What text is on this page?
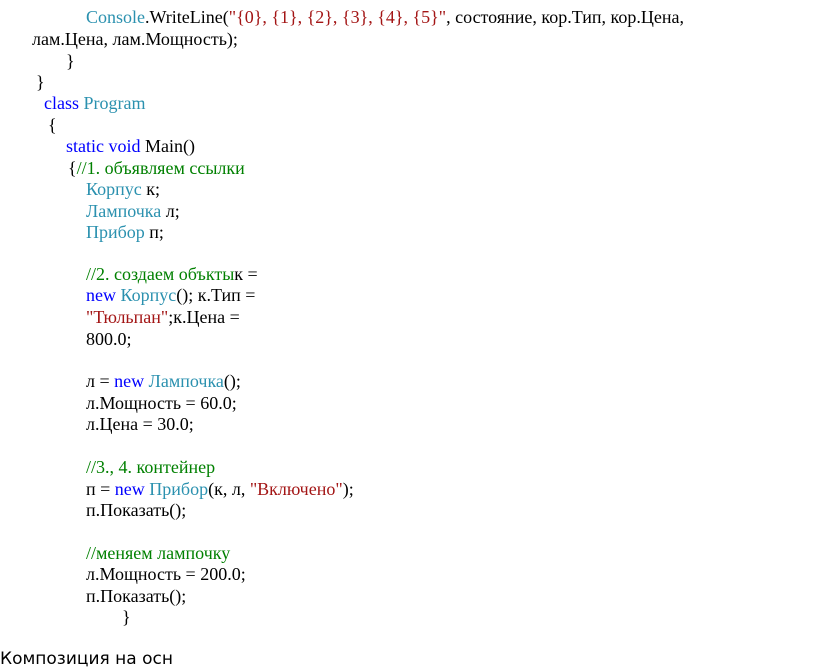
Console.WriteLine("{0}, {1}, {2}, {3}, {4}, {5}", состояние, кор.Тип, кор.Цена,
лам.Цена, лам.Мощность);
}
}
class Program
{
static void Main()
{//1. объявляем ссылки
Корпус к;
Лампочка л;
Прибор п;
//2. создаем объктык =
new Корпус(); к.Тип =
"Тюльпан";к.Цена =
800.0;
л = new Лампочка();
л.Мощность = 60.0;
л.Цена = 30.0;
//3., 4. контейнер
п = new Прибор(к, л, "Включено");
п.Показать();
//меняем лампочку
л.Мощность = 200.0;
п.Показать();
}
Композиция на осн
